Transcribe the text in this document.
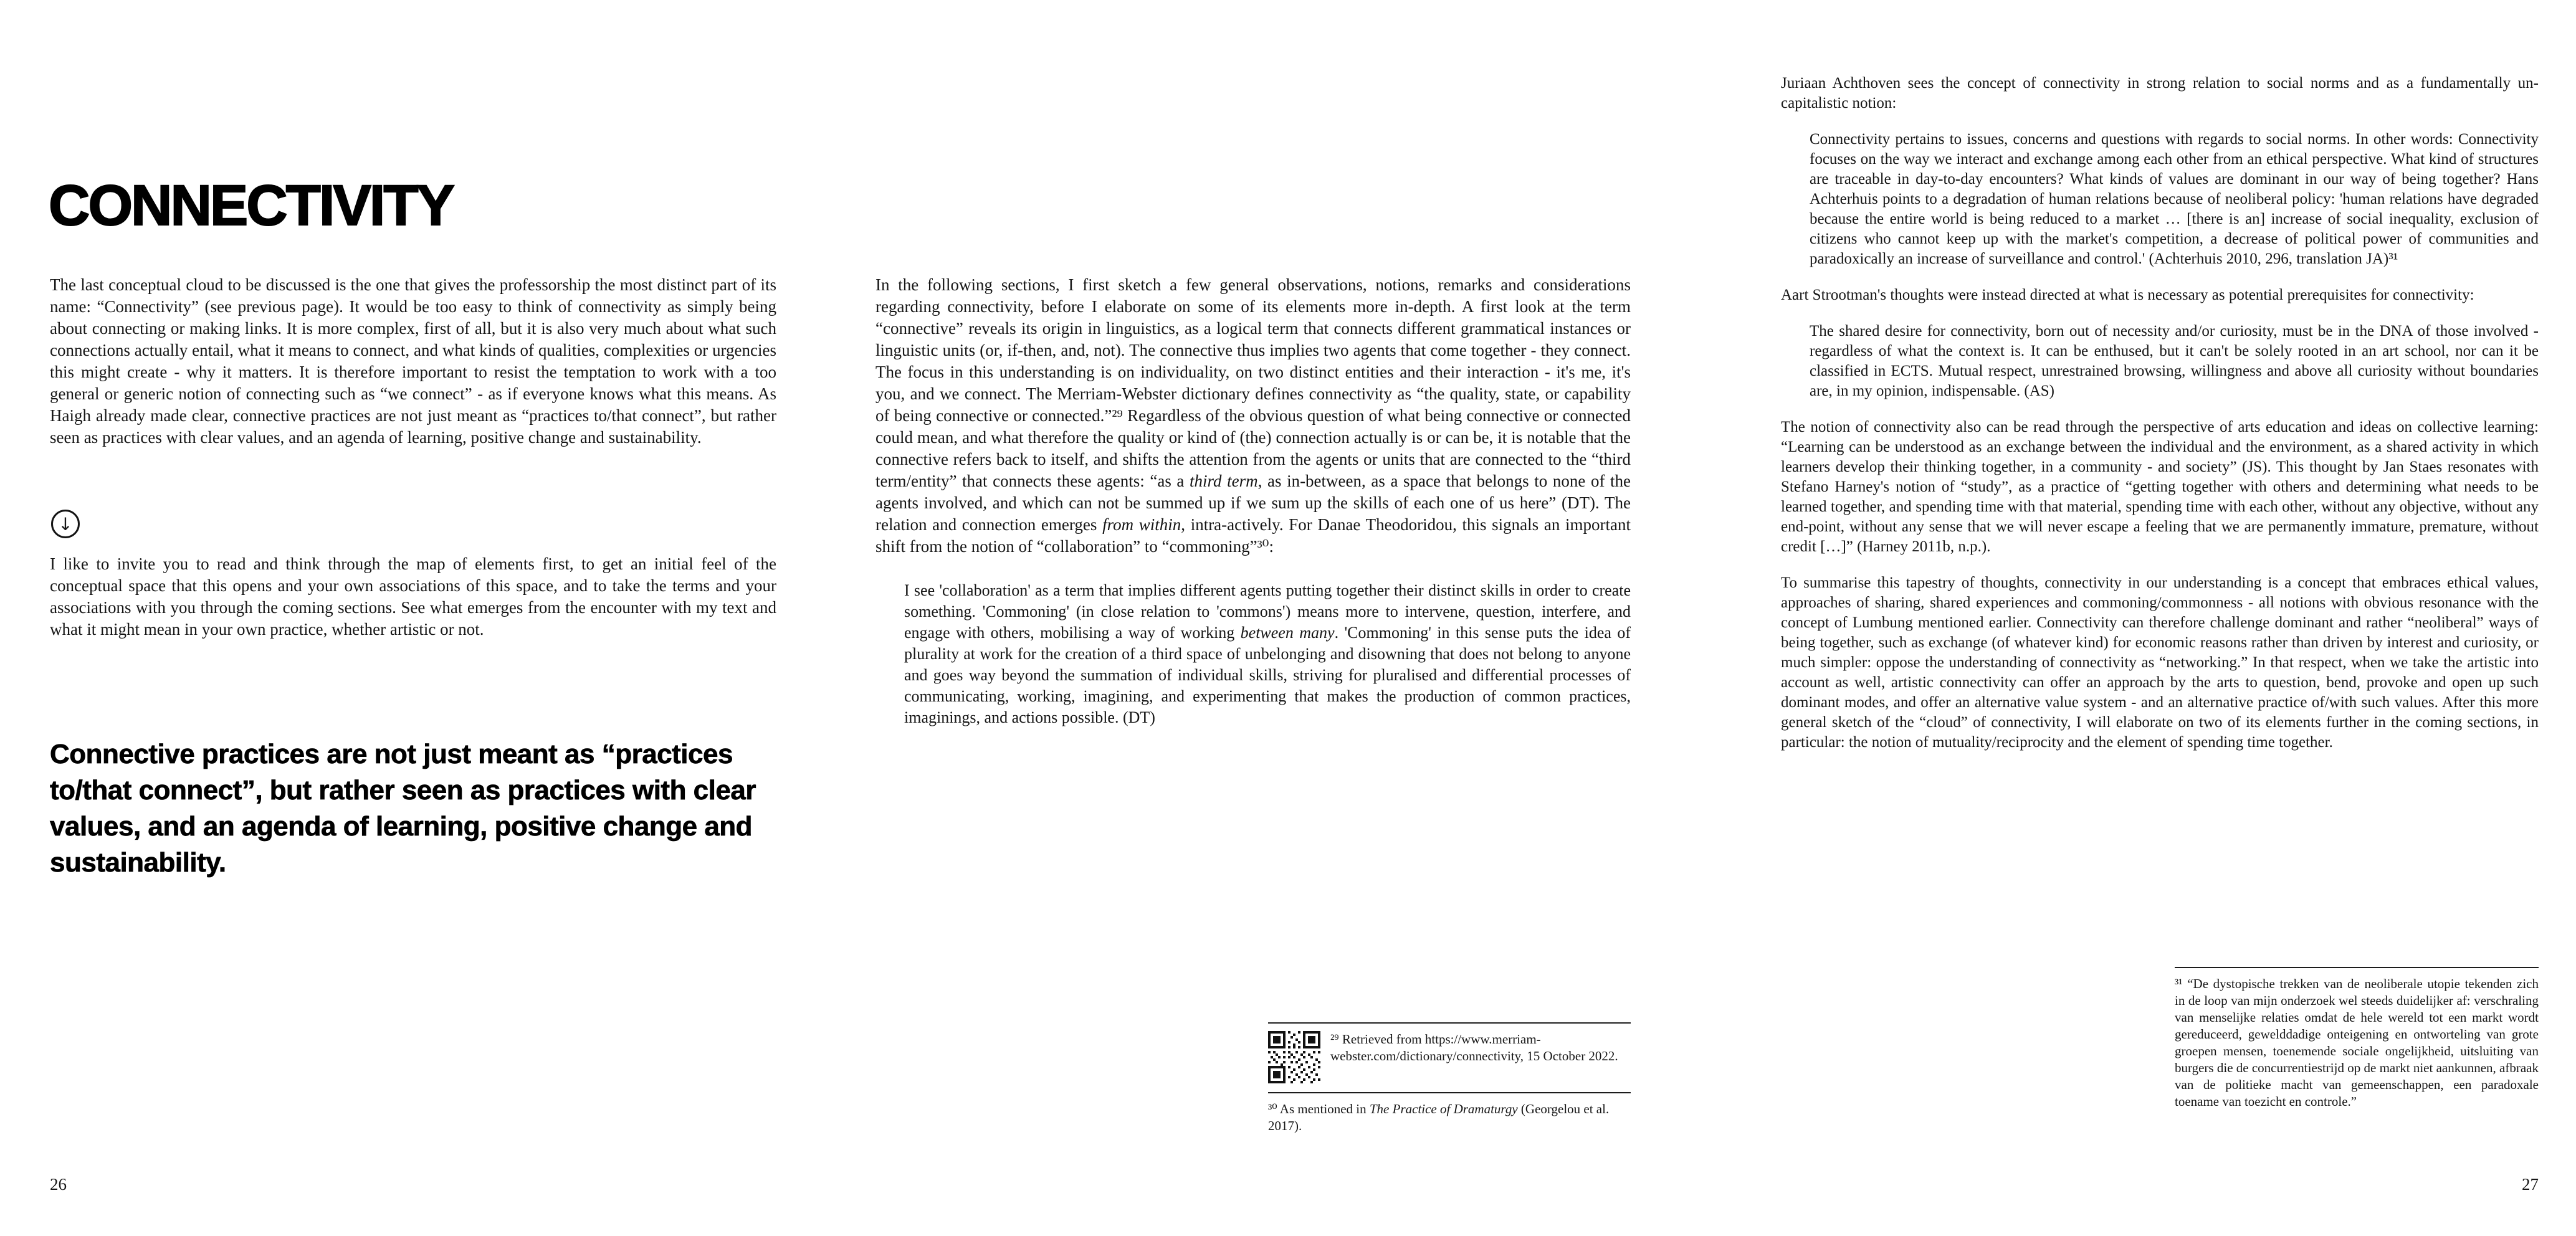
CONNECTIVITY

The last conceptual cloud to be discussed is the one that gives the professorship the most distinct part of its name: “Connectivity” (see previous page). It would be too easy to think of connectivity as simply being about connecting or making links. It is more complex, first of all, but it is also very much about what such connections actually entail, what it means to connect, and what kinds of qualities, complexities or urgencies this might create - why it matters. It is therefore important to resist the temptation to work with a too general or generic notion of connecting such as “we connect” - as if everyone knows what this means. As Haigh already made clear, connective practices are not just meant as “practices to/that connect”, but rather seen as practices with clear values, and an agenda of learning, positive change and sustainability.

↓

I like to invite you to read and think through the map of elements first, to get an initial feel of the conceptual space that this opens and your own associations of this space, and to take the terms and your associations with you through the coming sections. See what emerges from the encounter with my text and what it might mean in your own practice, whether artistic or not.

Connective practices are not just meant as “practices to/that connect”, but rather seen as practices with clear values, and an agenda of learning, positive change and sustainability.
26

In the following sections, I first sketch a few general observations, notions, remarks and considerations regarding connectivity, before I elaborate on some of its elements more in-depth. A first look at the term “connective” reveals its origin in linguistics, as a logical term that connects different grammatical instances or linguistic units (or, if-then, and, not). The connective thus implies two agents that come together - they connect. The focus in this understanding is on individuality, on two distinct entities and their interaction - it's me, it's you, and we connect. The Merriam-Webster dictionary defines connectivity as “the quality, state, or capability of being connective or connected.”²⁹ Regardless of the obvious question of what being connective or connected could mean, and what therefore the quality or kind of (the) connection actually is or can be, it is notable that the connective refers back to itself, and shifts the attention from the agents or units that are connected to the “third term/entity” that connects these agents: “as a third term, as in-between, as a space that belongs to none of the agents involved, and which can not be summed up if we sum up the skills of each one of us here” (DT). The relation and connection emerges from within, intra-actively. For Danae Theodoridou, this signals an important shift from the notion of “collaboration” to “commoning”³⁰:

I see 'collaboration' as a term that implies different agents putting together their distinct skills in order to create something. 'Commoning' (in close relation to 'commons') means more to intervene, question, interfere, and engage with others, mobilising a way of working between many. 'Commoning' in this sense puts the idea of plurality at work for the creation of a third space of unbelonging and disowning that does not belong to anyone and goes way beyond the summation of individual skills, striving for pluralised and differential processes of communicating, working, imagining, and experimenting that makes the production of common practices, imaginings, and actions possible. (DT)

²⁹ Retrieved from https://www.merriam-webster.com/dictionary/connectivity, 15 October 2022.

³⁰ As mentioned in The Practice of Dramaturgy (Georgelou et al. 2017).

Juriaan Achthoven sees the concept of connectivity in strong relation to social norms and as a fundamentally un-capitalistic notion:

Connectivity pertains to issues, concerns and questions with regards to social norms. In other words: Connectivity focuses on the way we interact and exchange among each other from an ethical perspective. What kind of structures are traceable in day-to-day encounters? What kinds of values are dominant in our way of being together? Hans Achterhuis points to a degradation of human relations because of neoliberal policy: 'human relations have degraded because the entire world is being reduced to a market … [there is an] increase of social inequality, exclusion of citizens who cannot keep up with the market's competition, a decrease of political power of communities and paradoxically an increase of surveillance and control.' (Achterhuis 2010, 296, translation JA)³¹

Aart Strootman's thoughts were instead directed at what is necessary as potential prerequisites for connectivity:

The shared desire for connectivity, born out of necessity and/or curiosity, must be in the DNA of those involved - regardless of what the context is. It can be enthused, but it can't be solely rooted in an art school, nor can it be classified in ECTS. Mutual respect, unrestrained browsing, willingness and above all curiosity without boundaries are, in my opinion, indispensable. (AS)

The notion of connectivity also can be read through the perspective of arts education and ideas on collective learning: “Learning can be understood as an exchange between the individual and the environment, as a shared activity in which learners develop their thinking together, in a community - and society” (JS). This thought by Jan Staes resonates with Stefano Harney's notion of “study”, as a practice of “getting together with others and determining what needs to be learned together, and spending time with that material, spending time with each other, without any objective, without any end-point, without any sense that we will never escape a feeling that we are permanently immature, premature, without credit […]” (Harney 2011b, n.p.).

To summarise this tapestry of thoughts, connectivity in our understanding is a concept that embraces ethical values, approaches of sharing, shared experiences and commoning/commonness - all notions with obvious resonance with the concept of Lumbung mentioned earlier. Connectivity can therefore challenge dominant and rather “neoliberal” ways of being together, such as exchange (of whatever kind) for economic reasons rather than driven by interest and curiosity, or much simpler: oppose the understanding of connectivity as “networking.” In that respect, when we take the artistic into account as well, artistic connectivity can offer an approach by the arts to question, bend, provoke and open up such dominant modes, and offer an alternative value system - and an alternative practice of/with such values. After this more general sketch of the “cloud” of connectivity, I will elaborate on two of its elements further in the coming sections, in particular: the notion of mutuality/reciprocity and the element of spending time together.

³¹ “De dystopische trekken van de neoliberale utopie tekenden zich in de loop van mijn onderzoek wel steeds duidelijker af: verschraling van menselijke relaties omdat de hele wereld tot een markt wordt gereduceerd, gewelddadige onteigening en ontworteling van grote groepen mensen, toenemende sociale ongelijkheid, uitsluiting van burgers die de concurrentiestrijd op de markt niet aankunnen, afbraak van de politieke macht van gemeenschappen, een paradoxale toename van toezicht en controle.”

27
